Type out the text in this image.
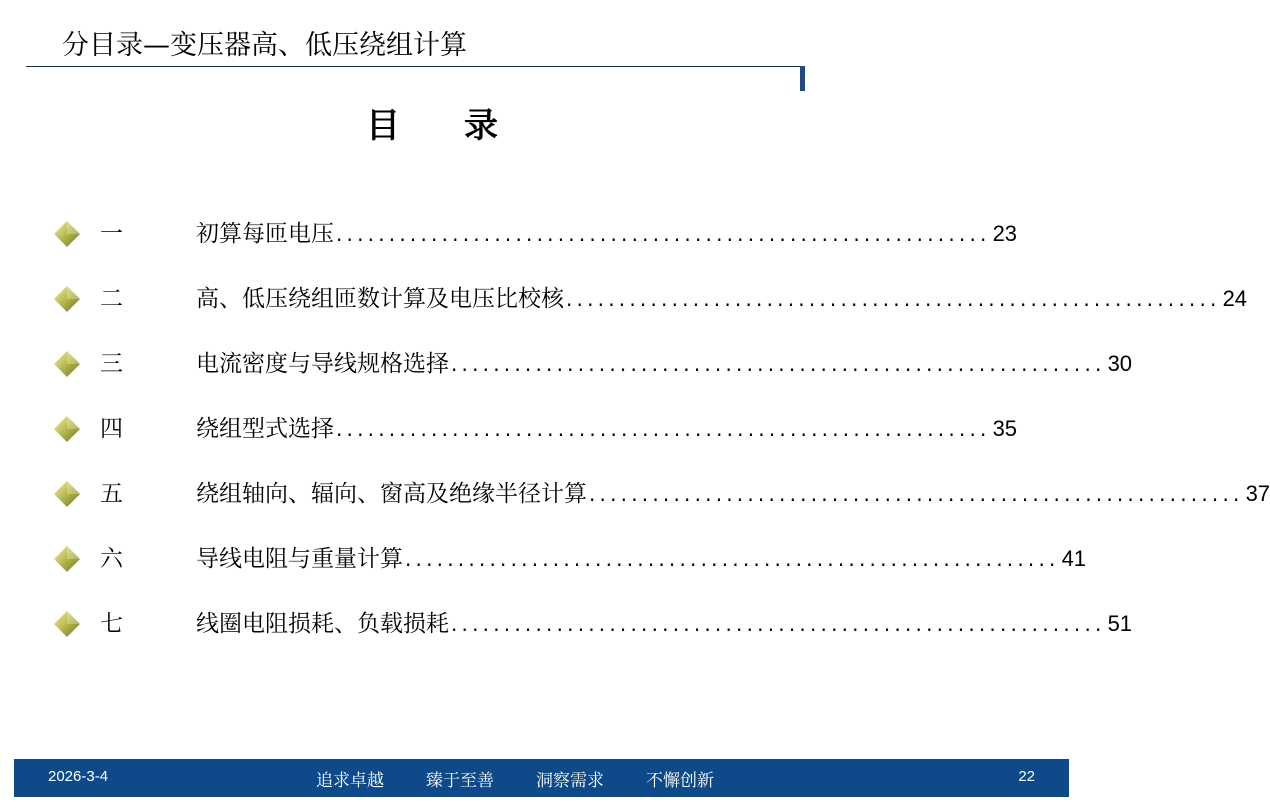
分目录—变压器高、低压绕组计算
目 录
一	初算每匝电压 .............................................................. 23
二	高、低压绕组匝数计算及电压比校核 .............................................................. 24
三	电流密度与导线规格选择 .............................................................. 30
四	绕组型式选择 .............................................................. 35
五	绕组轴向、辐向、窗高及绝缘半径计算 .............................................................. 37
六	导线电阻与重量计算 .............................................................. 41
七	线圈电阻损耗、负载损耗 .............................................................. 51
2026-3-4	追求卓越 臻于至善 洞察需求 不懈创新	22
